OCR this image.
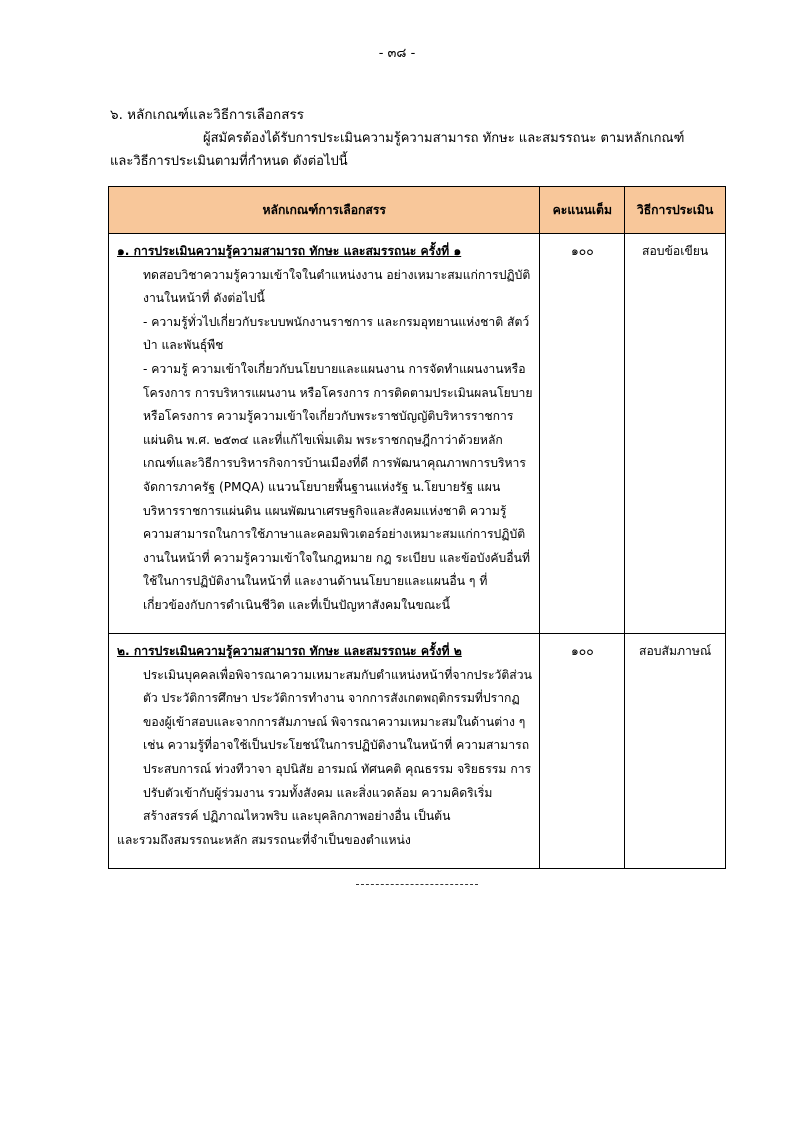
- ๓๘ -
๖. หลักเกณฑ์และวิธีการเลือกสรร
ผู้สมัครต้องได้รับการประเมินความรู้ความสามารถ ทักษะ และสมรรถนะ ตามหลักเกณฑ์
และวิธีการประเมินตามที่กำหนด ดังต่อไปนี้
หลักเกณฑ์การเลือกสรร	คะแนนเต็ม	วิธีการประเมิน

๑. การประเมินความรู้ความสามารถ ทักษะ และสมรรถนะ ครั้งที่ ๑

ทดสอบวิชาความรู้ความเข้าใจในตำแหน่งงาน อย่างเหมาะสมแก่การปฏิบัติงานในหน้าที่ ดังต่อไปนี้

- ความรู้ทั่วไปเกี่ยวกับระบบพนักงานราชการ และกรมอุทยานแห่งชาติ สัตว์ป่า และพันธุ์พืช

- ความรู้ ความเข้าใจเกี่ยวกับนโยบายและแผนงาน การจัดทำแผนงานหรือโครงการ การบริหารแผนงาน หรือโครงการ การติดตามประเมินผลนโยบายหรือโครงการ ความรู้ความเข้าใจเกี่ยวกับพระราชบัญญัติบริหารราชการแผ่นดิน พ.ศ. ๒๕๓๔ และที่แก้ไขเพิ่มเติม พระราชกฤษฎีกาว่าด้วยหลักเกณฑ์และวิธีการบริหารกิจการบ้านเมืองที่ดี การพัฒนาคุณภาพการบริหารจัดการภาครัฐ (PMQA) แนวนโยบายพื้นฐานแห่งรัฐ น.โยบายรัฐ แผนบริหารราชการแผ่นดิน แผนพัฒนาเศรษฐกิจและสังคมแห่งชาติ ความรู้ความสามารถในการใช้ภาษาและคอมพิวเตอร์อย่างเหมาะสมแก่การปฏิบัติงานในหน้าที่ ความรู้ความเข้าใจในกฎหมาย กฎ ระเบียบ และข้อบังคับอื่นที่ใช้ในการปฏิบัติงานในหน้าที่ และงานด้านนโยบายและแผนอื่น ๆ ที่เกี่ยวข้องกับการดำเนินชีวิต และที่เป็นปัญหาสังคมในขณะนี้	๑๐๐	สอบข้อเขียน

๒. การประเมินความรู้ความสามารถ ทักษะ และสมรรถนะ ครั้งที่ ๒

ประเมินบุคคลเพื่อพิจารณาความเหมาะสมกับตำแหน่งหน้าที่จากประวัติส่วนตัว ประวัติการศึกษา ประวัติการทำงาน จากการสังเกตพฤติกรรมที่ปรากฏของผู้เข้าสอบและจากการสัมภาษณ์ พิจารณาความเหมาะสมในด้านต่าง ๆ เช่น ความรู้ที่อาจใช้เป็นประโยชน์ในการปฏิบัติงานในหน้าที่ ความสามารถประสบการณ์ ท่วงทีวาจา อุปนิสัย อารมณ์ ทัศนคติ คุณธรรม จริยธรรม การปรับตัวเข้ากับผู้ร่วมงาน รวมทั้งสังคม และสิ่งแวดล้อม ความคิดริเริ่มสร้างสรรค์ ปฏิภาณไหวพริบ และบุคลิกภาพอย่างอื่น เป็นต้น

และรวมถึงสมรรถนะหลัก สมรรถนะที่จำเป็นของตำแหน่ง	๑๐๐	สอบสัมภาษณ์
